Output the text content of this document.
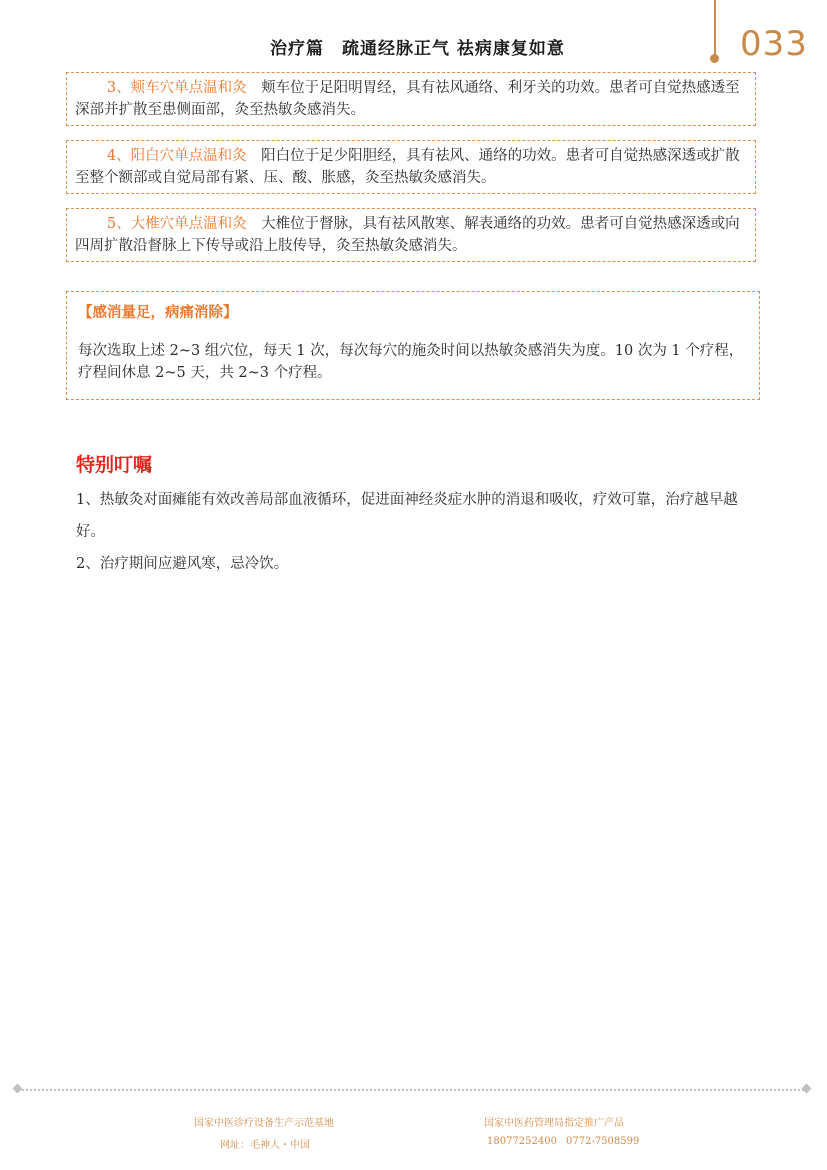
治疗篇　疏通经脉正气 祛病康复如意	033

3、颊车穴单点温和灸　颊车位于足阳明胃经，具有祛风通络、利牙关的功效。患者可自觉热感透至深部并扩散至患侧面部，灸至热敏灸感消失。

4、阳白穴单点温和灸　阳白位于足少阳胆经，具有祛风、通络的功效。患者可自觉热感深透或扩散至整个额部或自觉局部有紧、压、酸、胀感，灸至热敏灸感消失。

5、大椎穴单点温和灸　大椎位于督脉，具有祛风散寒、解表通络的功效。患者可自觉热感深透或向四周扩散沿督脉上下传导或沿上肢传导，灸至热敏灸感消失。

【感消量足，病痛消除】

每次选取上述 2~3 组穴位，每天 1 次，每次每穴的施灸时间以热敏灸感消失为度。10 次为 1 个疗程，疗程间休息 2~5 天，共 2~3 个疗程。

特别叮嘱

1、热敏灸对面瘫能有效改善局部血液循环，促进面神经炎症水肿的消退和吸收，疗效可靠，治疗越早越好。

2、治疗期间应避风寒，忌冷饮。

国家中医诊疗设备生产示范基地
网址：毛神人・中国
国家中医药管理局指定推广产品
18077252400 0772-7508599
